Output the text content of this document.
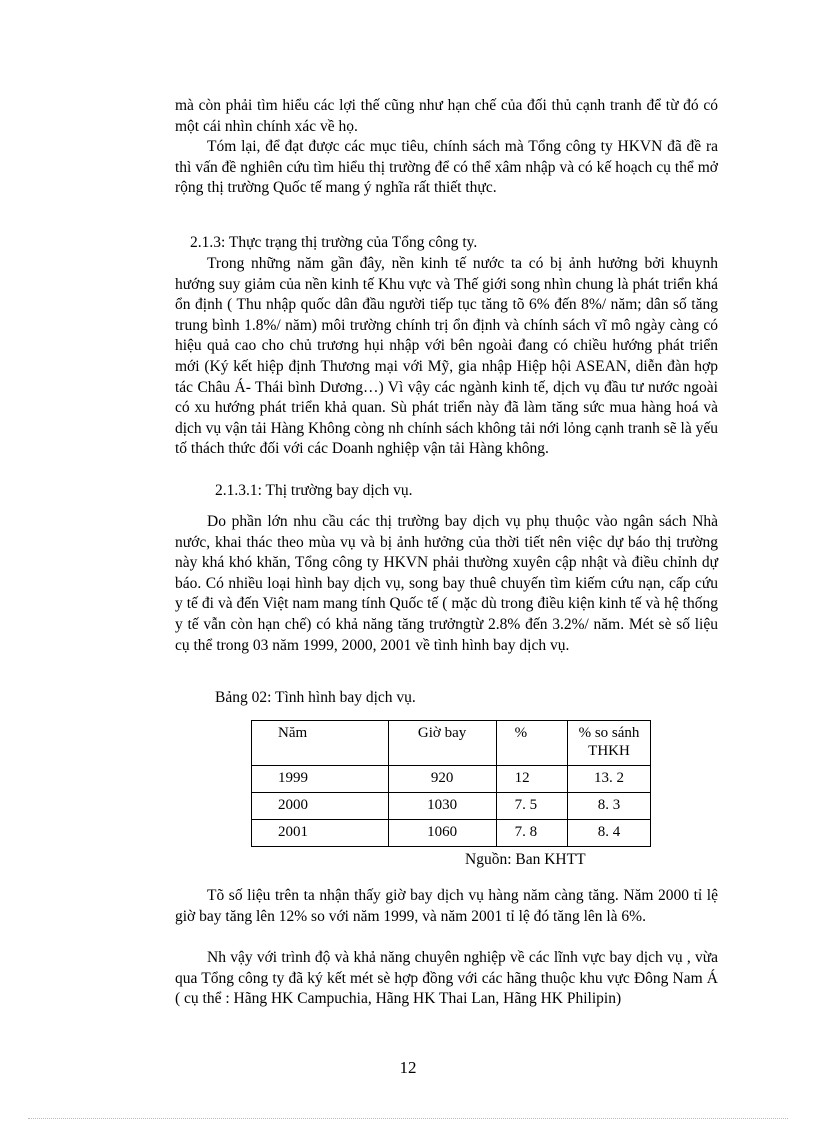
mà còn phải tìm hiểu các lợi thế cũng như hạn chế của đối thủ cạnh tranh để từ đó có một cái nhìn chính xác về họ.

Tóm lại, để đạt được các mục tiêu, chính sách mà Tổng công ty HKVN đã đề ra thì vấn đề nghiên cứu tìm hiểu thị trường để có thể xâm nhập và có kế hoạch cụ thể mở rộng thị trường Quốc tế mang ý nghĩa rất thiết thực.

2.1.3: Thực trạng thị trường của Tổng công ty.

Trong những năm gần đây, nền kinh tế nước ta có bị ảnh hưởng bởi khuynh hướng suy giảm của nền kinh tế Khu vực và Thế giới song nhìn chung là phát triển khá ổn định ( Thu nhập quốc dân đầu người tiếp tục tăng tõ 6% đến 8%/ năm; dân số tăng trung bình 1.8%/ năm) môi trường chính trị ổn định và chính sách vĩ mô ngày càng có hiệu quả cao cho chủ trương hụi nhập với bên ngoài đang có chiều hướng phát triển mới (Ký kết hiệp định Thương mại với Mỹ, gia nhập Hiệp hội ASEAN, diễn đàn hợp tác Châu Á- Thái bình Dương…) Vì vậy các ngành kinh tế, dịch vụ đầu tư nước ngoài có xu hướng phát triển khả quan. Sù phát triển này đã làm tăng sức mua hàng hoá và dịch vụ vận tải Hàng Không còng nh chính sách không tải nới lỏng cạnh tranh sẽ là yếu tố thách thức đối với các Doanh nghiệp vận tải Hàng không.

2.1.3.1: Thị trường bay dịch vụ.

Do phần lớn nhu cầu các thị trường bay dịch vụ phụ thuộc vào ngân sách Nhà nước, khai thác theo mùa vụ và bị ảnh hưởng của thời tiết nên việc dự báo thị trường này khá khó khăn, Tổng công ty HKVN phải thường xuyên cập nhật và điều chỉnh dự báo. Có nhiều loại hình bay dịch vụ, song bay thuê chuyến tìm kiếm cứu nạn, cấp cứu y tế đi và đến Việt nam mang tính Quốc tế ( mặc dù trong điều kiện kinh tế và hệ thống y tế vẫn còn hạn chế) có khả năng tăng trưởngtừ 2.8% đến 3.2%/ năm. Mét sè số liệu cụ thể trong 03 năm 1999, 2000, 2001 về tình hình bay dịch vụ.

Bảng 02: Tình hình bay dịch vụ.

Năm	Giờ bay	%	% so sánh THKH
1999	920	12	13. 2
2000	1030	7. 5	8. 3
2001	1060	7. 8	8. 4

Nguồn: Ban KHTT

Tõ số liệu trên ta nhận thấy giờ bay dịch vụ hàng năm càng tăng. Năm 2000 tỉ lệ giờ bay tăng lên 12% so với năm 1999, và năm 2001 tỉ lệ đó tăng lên là 6%.

Nh vậy với trình độ và khả năng chuyên nghiệp về các lĩnh vực bay dịch vụ , vừa qua Tổng công ty đã ký kết mét sè hợp đồng với các hãng thuộc khu vực Đông Nam Á ( cụ thể : Hãng HK Campuchia, Hãng HK Thai Lan, Hãng HK Philipin)

12
